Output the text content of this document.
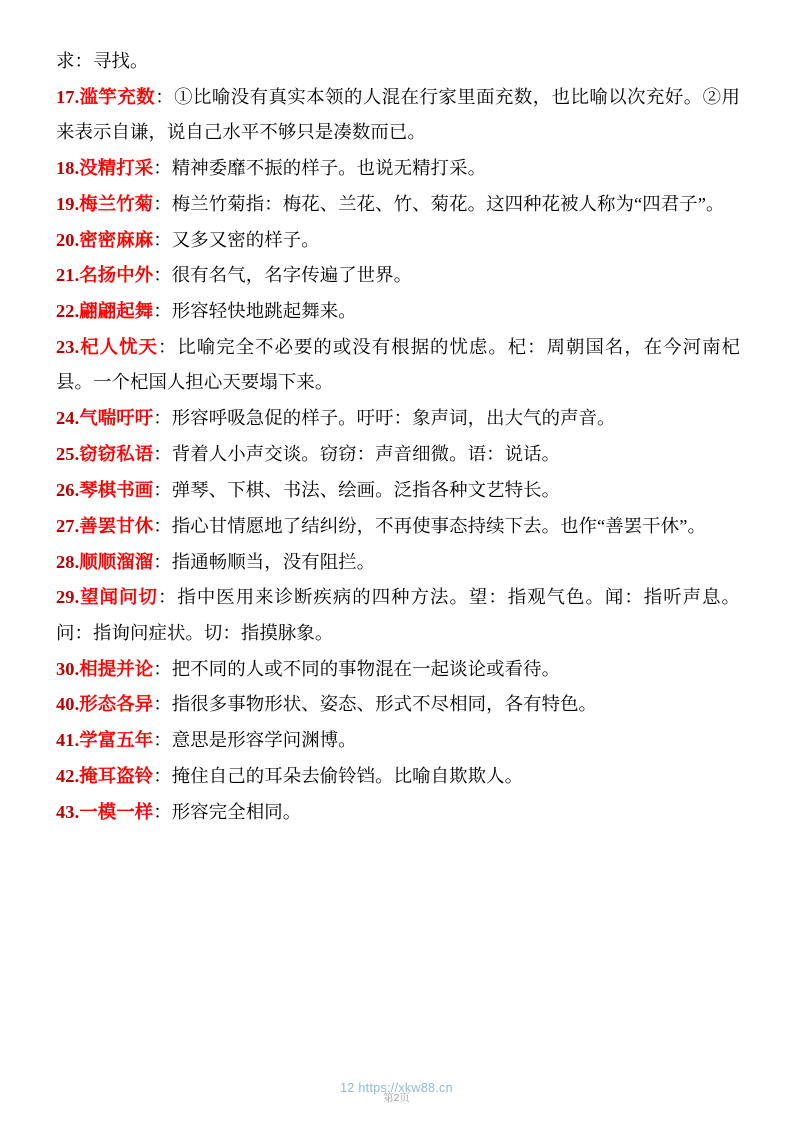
求：寻找。

17.滥竽充数：①比喻没有真实本领的人混在行家里面充数，也比喻以次充好。②用来表示自谦，说自己水平不够只是凑数而已。

18.没精打采：精神委靡不振的样子。也说无精打采。

19.梅兰竹菊：梅兰竹菊指：梅花、兰花、竹、菊花。这四种花被人称为“四君子”。

20.密密麻麻：又多又密的样子。

21.名扬中外：很有名气，名字传遍了世界。

22.翩翩起舞：形容轻快地跳起舞来。

23.杞人忧天：比喻完全不必要的或没有根据的忧虑。杞：周朝国名，在今河南杞县。一个杞国人担心天要塌下来。

24.气喘吁吁：形容呼吸急促的样子。吁吁：象声词，出大气的声音。

25.窃窃私语：背着人小声交谈。窃窃：声音细微。语：说话。

26.琴棋书画：弹琴、下棋、书法、绘画。泛指各种文艺特长。

27.善罢甘休：指心甘情愿地了结纠纷，不再使事态持续下去。也作“善罢干休”。

28.顺顺溜溜：指通畅顺当，没有阻拦。

29.望闻问切：指中医用来诊断疾病的四种方法。望：指观气色。闻：指听声息。问：指询问症状。切：指摸脉象。

30.相提并论：把不同的人或不同的事物混在一起谈论或看待。

40.形态各异：指很多事物形状、姿态、形式不尽相同，各有特色。

41.学富五年：意思是形容学问渊博。

42.掩耳盗铃：掩住自己的耳朵去偷铃铛。比喻自欺欺人。

43.一模一样：形容完全相同。

12 https://xkw88.cn
第2页
